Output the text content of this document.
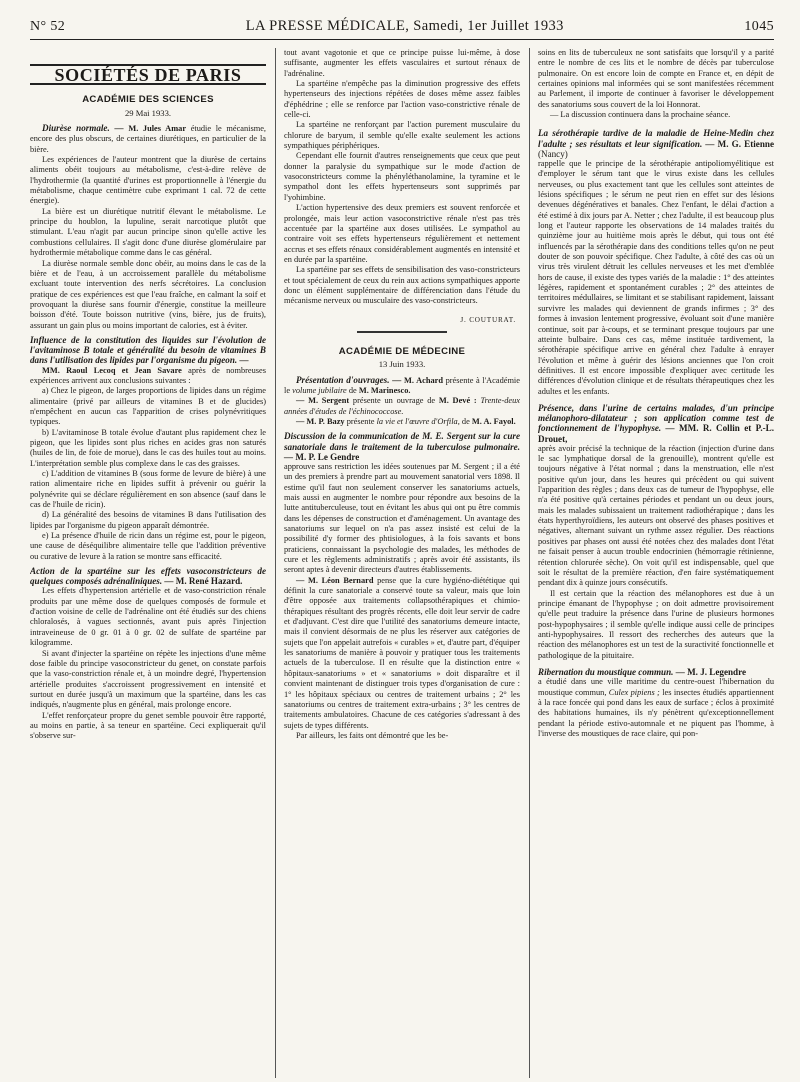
N° 52	LA PRESSE MÉDICALE, Samedi, 1er Juillet 1933	1045
SOCIÉTÉS DE PARIS
ACADÉMIE DES SCIENCES
29 Mai 1933.

Diurèse normale. — M. Jules Amar étudie le mécanisme, encore des plus obscurs, de certaines diurétiques, en particulier de la bière.

Les expériences de l'auteur montrent que la diurèse de certains aliments obéit toujours au métabolisme, c'est-à-dire relève de l'hydrothermie (la quantité d'urines est proportionnelle à l'énergie du métabolisme, chaque centimètre cube exprimant 1 cal. 72 de cette énergie).

La bière est un diurétique nutritif élevant le métabolisme. Le principe du houblon, la lupuline, serait narcotique plutôt que stimulant. L'eau n'agit par aucun principe sinon qu'elle active les combustions cellulaires. Il s'agit donc d'une diurèse glomérulaire par hydrothermie métabolique comme dans le cas général.

La diurèse normale semble donc obéir, au moins dans le cas de la bière et de l'eau, à un accroissement parallèle du métabolisme excluant toute intervention des nerfs sécrétoires. La conclusion pratique de ces expériences est que l'eau fraîche, en calmant la soif et provoquant la diurèse sans fournir d'énergie, constitue la meilleure boisson d'été. Toute boisson nutritive (vins, bière, jus de fruits), assurant un gain plus ou moins important de calories, est à éviter.

Influence de la constitution des liquides sur l'évolution de l'avitaminose B totale et généralité du besoin de vitamines B dans l'utilisation des lipides par l'organisme du pigeon. —

MM. Raoul Lecoq et Jean Savare après de nombreuses expériences arrivent aux conclusions suivantes :

a) Chez le pigeon, de larges proportions de lipides dans un régime alimentaire (privé par ailleurs de vitamines B et de glucides) n'empêchent en aucun cas l'apparition de crises polynévritiques typiques.

b) L'avitaminose B totale évolue d'autant plus rapidement chez le pigeon, que les lipides sont plus riches en acides gras non saturés (huiles de lin, de foie de morue), dans le cas des huiles tout au moins. L'interprétation semble plus complexe dans le cas des graisses.

c) L'addition de vitamines B (sous forme de levure de bière) à une ration alimentaire riche en lipides suffit à prévenir ou guérir la polynévrite qui se déclare régulièrement en son absence (sauf dans le cas de l'huile de ricin).

d) La généralité des besoins de vitamines B dans l'utilisation des lipides par l'organisme du pigeon apparaît démontrée.

e) La présence d'huile de ricin dans un régime est, pour le pigeon, une cause de déséquilibre alimentaire telle que l'addition préventive ou curative de levure à la ration se montre sans efficacité.

Action de la spartéine sur les effets vasoconstricteurs de quelques composés adrénaliniques. — M. René Hazard.

Les effets d'hypertension artérielle et de vaso-constriction rénale produits par une même dose de quelques composés de formule et d'action voisine de celle de l'adrénaline ont été étudiés sur des chiens chloralosés, à vagues sectionnés, avant puis après l'injection intraveineuse de 0 gr. 01 à 0 gr. 02 de sulfate de spartéine par kilogramme.

Si avant d'injecter la spartéine on répète les injections d'une même dose faible du principe vasoconstricteur du genet, on constate parfois que la vaso-constriction rénale et, à un moindre degré, l'hypertension artérielle produites s'accroissent progressivement en intensité et surtout en durée jusqu'à un maximum que la spartéine, dans les cas indiqués, n'augmente plus en général, mais prolonge encore.

L'effet renforçateur propre du genet semble pouvoir être rapporté, au moins en partie, à sa teneur en spartéine. Ceci expliquerait qu'il s'observe sur-

tout avant vagotonie et que ce principe puisse lui-même, à dose suffisante, augmenter les effets vasculaires et surtout rénaux de l'adrénaline.

La spartéine n'empêche pas la diminution progressive des effets hypertenseurs des injections répétées de doses même assez faibles d'éphédrine ; elle se renforce par l'action vaso-constrictive rénale de celle-ci.

La spartéine ne renforçant par l'action purement musculaire du chlorure de baryum, il semble qu'elle exalte seulement les actions sympathiques périphériques.

Cependant elle fournit d'autres renseignements que ceux que peut donner la paralysie du sympathique sur le mode d'action de vasoconstricteurs comme la phényléthanolamine, la tyramine et le sympathol dont les effets hypertenseurs sont supprimés par l'yohimbine.

L'action hypertensive des deux premiers est souvent renforcée et prolongée, mais leur action vasoconstrictive rénale n'est pas très accentuée par la spartéine aux doses utilisées. Le sympathol au contraire voit ses effets hypertenseurs régulièrement et nettement accrus et ses effets rénaux considérablement augmentés en intensité et en durée par la spartéine.

La spartéine par ses effets de sensibilisation des vaso-constricteurs et tout spécialement de ceux du rein aux actions sympathiques apporte donc un élément supplémentaire de différenciation dans l'étude du mécanisme nerveux ou musculaire des vaso-constricteurs.

J. COUTURAT.
ACADÉMIE DE MÉDECINE
13 Juin 1933.

Présentation d'ouvrages. — M. Achard présente à l'Académie le volume jubilaire de M. Marinesco.

— M. Sergent présente un ouvrage de M. Devé : Trente-deux années d'études de l'échinococcose.

— M. P. Bazy présente la vie et l'œuvre d'Orfila, de M. A. Fayol.

Discussion de la communication de M. E. Sergent sur la cure sanatoriale dans le traitement de la tuberculose pulmonaire. — M. P. Le Gendre

approuve sans restriction les idées soutenues par M. Sergent ; il a été un des premiers à prendre part au mouvement sanatorial vers 1898. Il estime qu'il faut non seulement conserver les sanatoriums actuels, mais aussi en augmenter le nombre pour répondre aux besoins de la lutte antituberculeuse, tout en évitant les abus qui ont pu être commis dans les dépenses de construction et d'aménagement. Un avantage des sanatoriums sur lequel on n'a pas assez insisté est celui de la possibilité d'y former des phtisiologues, à la fois savants et bons praticiens, connaissant la psychologie des malades, les méthodes de cure et les règlements administratifs ; après avoir été assistants, ils seront aptes à devenir directeurs d'autres établissements.

— M. Léon Bernard pense que la cure hygiéno-diététique qui définit la cure sanatoriale a conservé toute sa valeur, mais que loin d'être opposée aux traitements collapsothérapiques et chimio-thérapiques résultant des progrès récents, elle doit leur servir de cadre et d'adjuvant. C'est dire que l'utilité des sanatoriums demeure intacte, mais il convient désormais de ne plus les réserver aux catégories de sujets que l'on appelait autrefois « curables » et, d'autre part, d'équiper les sanatoriums de manière à pouvoir y pratiquer tous les traitements actuels de la tuberculose. Il en résulte que la distinction entre « hôpitaux-sanatoriums » et « sanatoriums » doit disparaître et il convient maintenant de distinguer trois types d'organisation de cure : 1° les hôpitaux spéciaux ou centres de traitement urbains ; 2° les sanatoriums ou centres de traitement extra-urbains ; 3° les centres de traitements ambulatoires. Chacune de ces catégories s'adressant à des sujets de types différents.

Par ailleurs, les faits ont démontré que les be-

soins en lits de tuberculeux ne sont satisfaits que lorsqu'il y a parité entre le nombre de ces lits et le nombre de décès par tuberculose pulmonaire. On est encore loin de compte en France et, en dépit de certaines opinions mal informées qui se sont manifestées récemment au Parlement, il importe de continuer à favoriser le développement des sanatoriums sous couvert de la loi Honnorat.

— La discussion continuera dans la prochaine séance.

La sérothérapie tardive de la maladie de Heine-Medin chez l'adulte ; ses résultats et leur signification. — M. G. Etienne (Nancy)

rappelle que le principe de la sérothérapie antipoliomyélitique est d'employer le sérum tant que le virus existe dans les cellules nerveuses, ou plus exactement tant que les cellules sont atteintes de lésions spécifiques ; le sérum ne peut rien en effet sur des lésions devenues dégénératives et banales. Chez l'enfant, le délai d'action a été estimé à dix jours par A. Netter ; chez l'adulte, il est beaucoup plus long et l'auteur rapporte les observations de 14 malades traités du quinzième jour au huitième mois après le début, qui tous ont été influencés par la sérothérapie dans des conditions telles qu'on ne peut douter de son pouvoir spécifique. Chez l'adulte, à côté des cas où un virus très virulent détruit les cellules nerveuses et les met d'emblée hors de cause, il existe des types variés de la maladie : 1° des atteintes légères, rapidement et spontanément curables ; 2° des atteintes de territoires médullaires, se limitant et se stabilisant rapidement, laissant survivre les malades qui deviennent de grands infirmes ; 3° des formes à invasion lentement progressive, évoluant soit d'une manière continue, soit par à-coups, et se terminant presque toujours par une atteinte bulbaire. Dans ces cas, même instituée tardivement, la sérothérapie spécifique arrive en général chez l'adulte à enrayer l'évolution et même à guérir des lésions anciennes que l'on croit définitives. Il est encore impossible d'expliquer avec certitude les différences d'évolution clinique et de résultats thérapeutiques chez les adultes et les enfants.

Présence, dans l'urine de certains malades, d'un principe mélanophoro-dilatateur ; son application comme test de fonctionnement de l'hypophyse. — MM. R. Collin et P.-L. Drouet,

après avoir précisé la technique de la réaction (injection d'urine dans le sac lymphatique dorsal de la grenouille), montrent qu'elle est toujours négative à l'état normal ; dans la menstruation, elle n'est positive qu'un jour, dans les heures qui précèdent ou qui suivent l'apparition des règles ; dans deux cas de tumeur de l'hypophyse, elle n'a été positive qu'à certaines périodes et pendant un ou deux jours, mais les malades subissaient un traitement radiothérapique ; dans les états hyperthyroïdiens, les auteurs ont observé des phases positives et négatives, alternant suivant un rythme assez régulier. Des réactions positives par phases ont aussi été notées chez des malades dont l'état ne faisait penser à aucun trouble endocrinien (hémorragie rétinienne, rétention chlorurée sèche). On voit qu'il est indispensable, quel que soit le résultat de la première réaction, d'en faire systématiquement pendant dix à quinze jours consécutifs.

Il est certain que la réaction des mélanophores est due à un principe émanant de l'hypophyse ; on doit admettre provisoirement qu'elle peut traduire la présence dans l'urine de plusieurs hormones post-hypophysaires ; il semble qu'elle indique aussi celle de principes anti-hypophysaires. Il ressort des recherches des auteurs que la réaction des mélanophores est un test de la suractivité fonctionnelle et pathologique de la pituitaire.

Ribernation du moustique commun. — M. J. Legendre

a étudié dans une ville maritime du centre-ouest l'hibernation du moustique commun, Culex pipiens ; les insectes étudiés appartiennent à la race foncée qui pond dans les eaux de surface ; éclos à proximité des habitations humaines, ils n'y pénètrent qu'exceptionnellement pendant la période estivo-automnale et ne piquent pas l'homme, à l'inverse des moustiques de race claire, qui pon-
